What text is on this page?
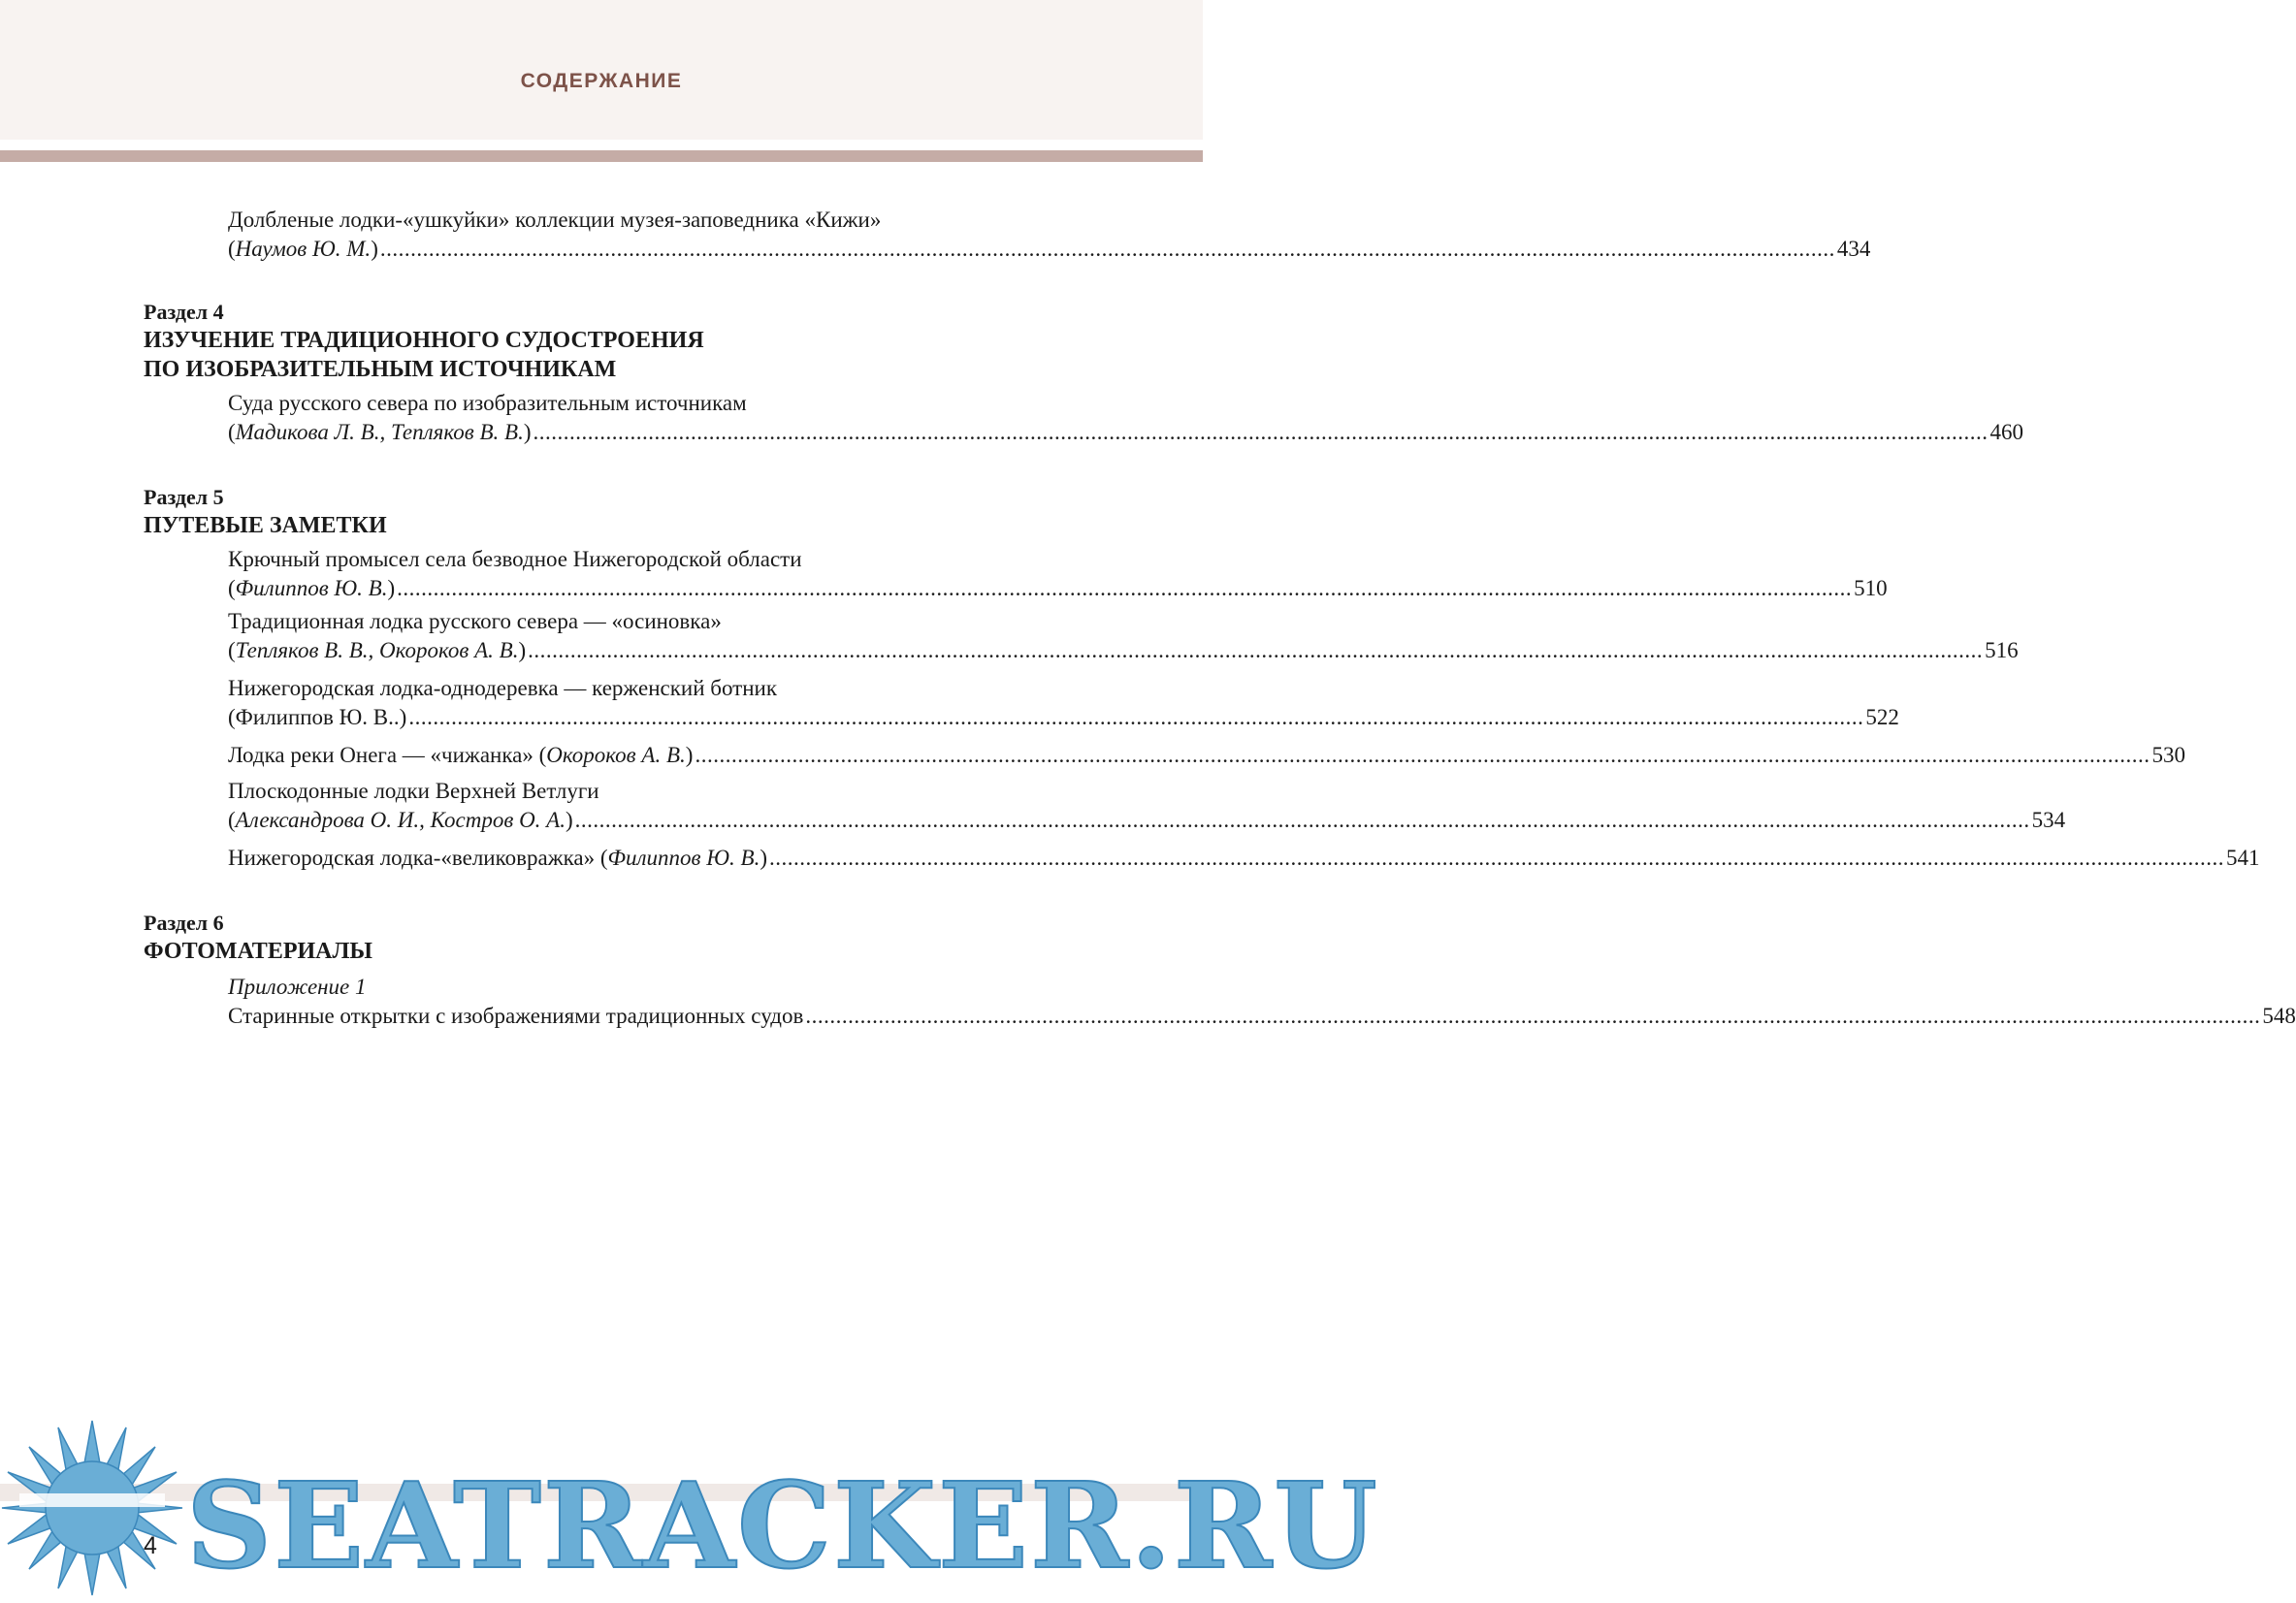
СОДЕРЖАНИЕ
Долбленые лодки-«ушкуйки» коллекции музея-заповедника «Кижи»
(Наумов Ю. М.) .....	434
Раздел 4
ИЗУЧЕНИЕ ТРАДИЦИОННОГО СУДОСТРОЕНИЯ
ПО ИЗОБРАЗИТЕЛЬНЫМ ИСТОЧНИКАМ
Суда русского севера по изобразительным источникам
(Мадикова Л. В., Тепляков В. В.) .....	460
Раздел 5
ПУТЕВЫЕ ЗАМЕТКИ
Крючный промысел села безводное Нижегородской области
(Филиппов Ю. В.) .....	510
Традиционная лодка русского севера — «осиновка»
(Тепляков В. В., Окороков А. В.) .....	516
Нижегородская лодка-однодеревка — керженский ботник
(Филиппов Ю. В..) .....	522
Лодка реки Онега — «чижанка» (Окороков А. В.) .....	530
Плоскодонные лодки Верхней Ветлуги
(Александрова О. И., Костров О. А.) .....	534
Нижегородская лодка-«великовражка» (Филиппов Ю. В.) .....	541
Раздел 6
ФОТОМАТЕРИАЛЫ
Приложение 1
Старинные открытки с изображениями традиционных судов .....	548
SEATRACKER.RU
4
